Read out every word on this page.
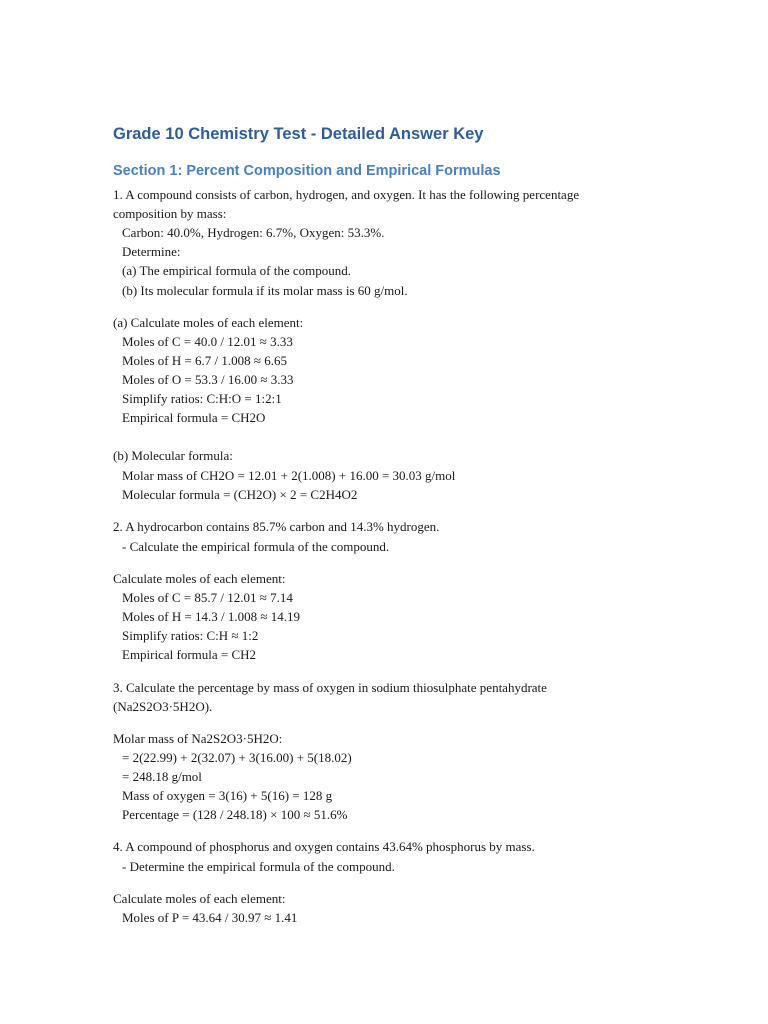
Grade 10 Chemistry Test - Detailed Answer Key
Section 1: Percent Composition and Empirical Formulas
1. A compound consists of carbon, hydrogen, and oxygen. It has the following percentage
composition by mass:
Carbon: 40.0%, Hydrogen: 6.7%, Oxygen: 53.3%.
Determine:
(a) The empirical formula of the compound.
(b) Its molecular formula if its molar mass is 60 g/mol.
(a) Calculate moles of each element:
Moles of C = 40.0 / 12.01 ≈ 3.33
Moles of H = 6.7 / 1.008 ≈ 6.65
Moles of O = 53.3 / 16.00 ≈ 3.33
Simplify ratios: C:H:O = 1:2:1
Empirical formula = CH2O
(b) Molecular formula:
Molar mass of CH2O = 12.01 + 2(1.008) + 16.00 = 30.03 g/mol
Molecular formula = (CH2O) × 2 = C2H4O2
2. A hydrocarbon contains 85.7% carbon and 14.3% hydrogen.
- Calculate the empirical formula of the compound.
Calculate moles of each element:
Moles of C = 85.7 / 12.01 ≈ 7.14
Moles of H = 14.3 / 1.008 ≈ 14.19
Simplify ratios: C:H ≈ 1:2
Empirical formula = CH2
3. Calculate the percentage by mass of oxygen in sodium thiosulphate pentahydrate
(Na2S2O3·5H2O).
Molar mass of Na2S2O3·5H2O:
= 2(22.99) + 2(32.07) + 3(16.00) + 5(18.02)
= 248.18 g/mol
Mass of oxygen = 3(16) + 5(16) = 128 g
Percentage = (128 / 248.18) × 100 ≈ 51.6%
4. A compound of phosphorus and oxygen contains 43.64% phosphorus by mass.
- Determine the empirical formula of the compound.
Calculate moles of each element:
Moles of P = 43.64 / 30.97 ≈ 1.41
